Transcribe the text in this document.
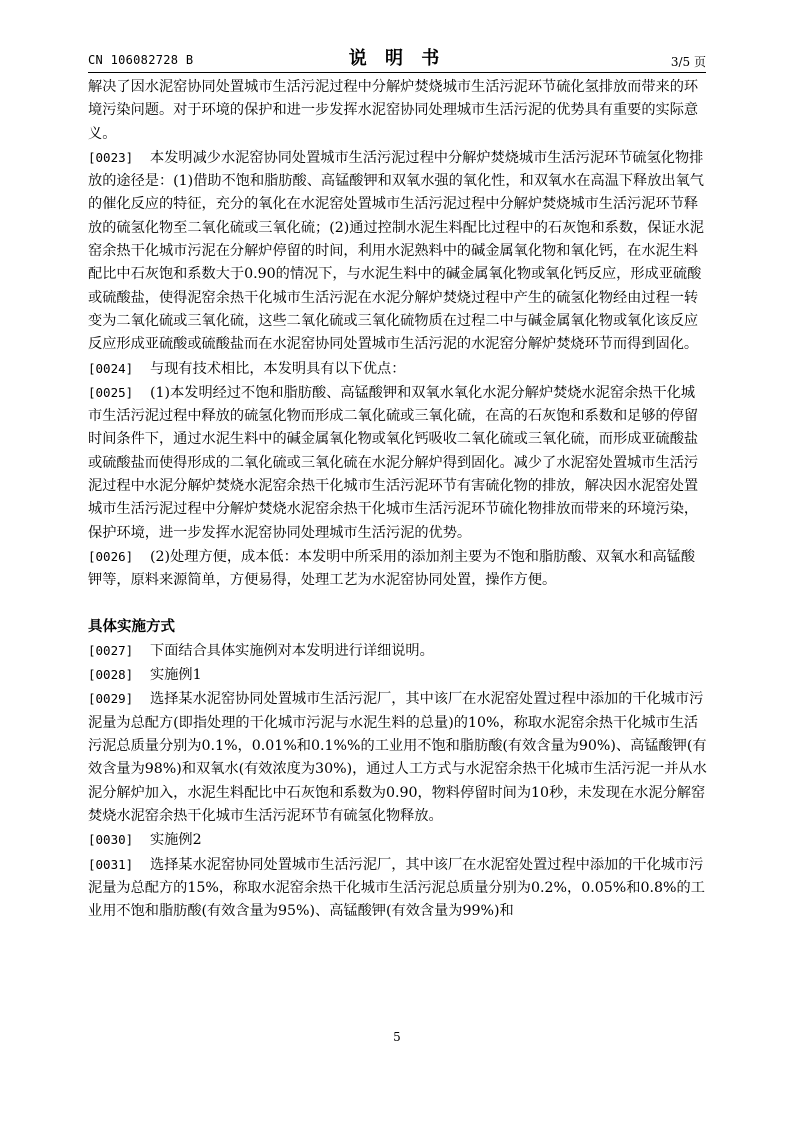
CN 106082728 B	说 明 书	3/5 页

解决了因水泥窑协同处置城市生活污泥过程中分解炉焚烧城市生活污泥环节硫化氢排放而带来的环境污染问题。对于环境的保护和进一步发挥水泥窑协同处理城市生活污泥的优势具有重要的实际意义。

[0023] 本发明减少水泥窑协同处置城市生活污泥过程中分解炉焚烧城市生活污泥环节硫氢化物排放的途径是：(1)借助不饱和脂肪酸、高锰酸钾和双氧水强的氧化性，和双氧水在高温下释放出氧气的催化反应的特征，充分的氧化在水泥窑处置城市生活污泥过程中分解炉焚烧城市生活污泥环节释放的硫氢化物至二氧化硫或三氧化硫；(2)通过控制水泥生料配比过程中的石灰饱和系数，保证水泥窑余热干化城市污泥在分解炉停留的时间，利用水泥熟料中的碱金属氧化物和氧化钙，在水泥生料配比中石灰饱和系数大于0.90的情况下，与水泥生料中的碱金属氧化物或氧化钙反应，形成亚硫酸或硫酸盐，使得泥窑余热干化城市生活污泥在水泥分解炉焚烧过程中产生的硫氢化物经由过程一转变为二氧化硫或三氧化硫，这些二氧化硫或三氧化硫物质在过程二中与碱金属氧化物或氧化该反应反应形成亚硫酸或硫酸盐而在水泥窑协同处置城市生活污泥的水泥窑分解炉焚烧环节而得到固化。

[0024] 与现有技术相比，本发明具有以下优点：

[0025] (1)本发明经过不饱和脂肪酸、高锰酸钾和双氧水氧化水泥分解炉焚烧水泥窑余热干化城市生活污泥过程中释放的硫氢化物而形成二氧化硫或三氧化硫，在高的石灰饱和系数和足够的停留时间条件下，通过水泥生料中的碱金属氧化物或氧化钙吸收二氧化硫或三氧化硫，而形成亚硫酸盐或硫酸盐而使得形成的二氧化硫或三氧化硫在水泥分解炉得到固化。减少了水泥窑处置城市生活污泥过程中水泥分解炉焚烧水泥窑余热干化城市生活污泥环节有害硫化物的排放，解决因水泥窑处置城市生活污泥过程中分解炉焚烧水泥窑余热干化城市生活污泥环节硫化物排放而带来的环境污染，保护环境，进一步发挥水泥窑协同处理城市生活污泥的优势。

[0026] (2)处理方便，成本低：本发明中所采用的添加剂主要为不饱和脂肪酸、双氧水和高锰酸钾等，原料来源简单，方便易得，处理工艺为水泥窑协同处置，操作方便。

具体实施方式

[0027] 下面结合具体实施例对本发明进行详细说明。

[0028] 实施例1

[0029] 选择某水泥窑协同处置城市生活污泥厂，其中该厂在水泥窑处置过程中添加的干化城市污泥量为总配方(即指处理的干化城市污泥与水泥生料的总量)的10%，称取水泥窑余热干化城市生活污泥总质量分别为0.1%，0.01%和0.1%%的工业用不饱和脂肪酸(有效含量为90%)、高锰酸钾(有效含量为98%)和双氧水(有效浓度为30%)，通过人工方式与水泥窑余热干化城市生活污泥一并从水泥分解炉加入，水泥生料配比中石灰饱和系数为0.90，物料停留时间为10秒，未发现在水泥分解窑焚烧水泥窑余热干化城市生活污泥环节有硫氢化物释放。

[0030] 实施例2

[0031] 选择某水泥窑协同处置城市生活污泥厂，其中该厂在水泥窑处置过程中添加的干化城市污泥量为总配方的15%，称取水泥窑余热干化城市生活污泥总质量分别为0.2%，0.05%和0.8%的工业用不饱和脂肪酸(有效含量为95%)、高锰酸钾(有效含量为99%)和

5
